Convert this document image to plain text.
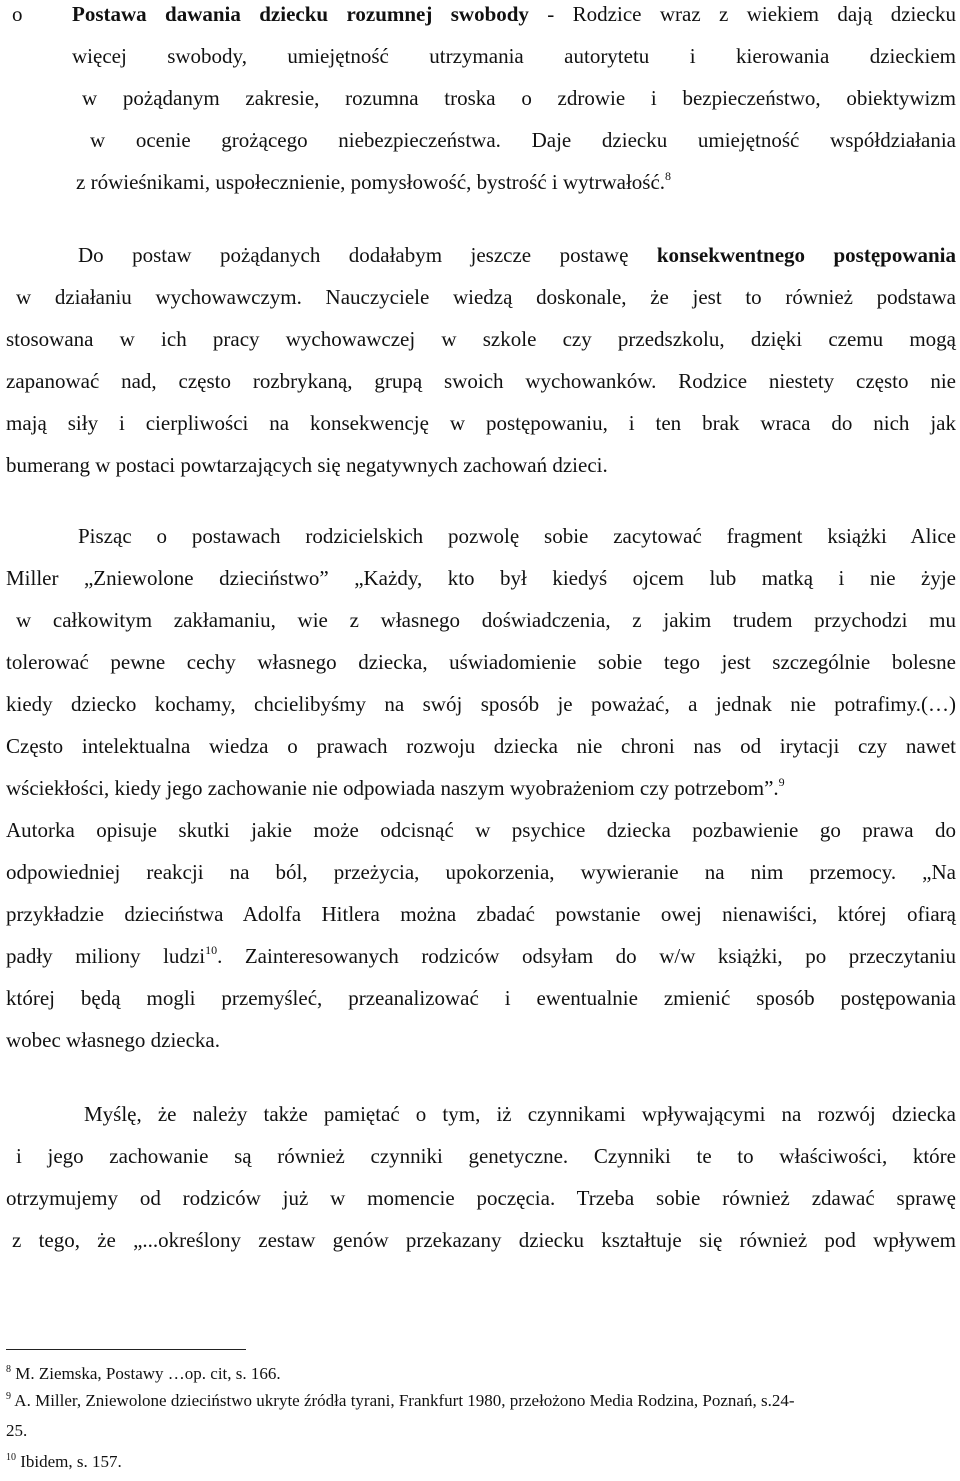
o	Postawa dawania dziecku rozumnej swobody - Rodzice wraz z wiekiem dają dziecku
więcej swobody, umiejętność utrzymania autorytetu i kierowania dzieckiem
w pożądanym zakresie, rozumna troska o zdrowie i bezpieczeństwo, obiektywizm
w ocenie grożącego niebezpieczeństwa. Daje dziecku umiejętność współdziałania
z rówieśnikami, uspołecznienie, pomysłowość, bystrość i wytrwałość.$^8$
Do postaw pożądanych dodałabym jeszcze postawę konsekwentnego postępowania
w działaniu wychowawczym. Nauczyciele wiedzą doskonale, że jest to również podstawa
stosowana w ich pracy wychowawczej w szkole czy przedszkolu, dzięki czemu mogą
zapanować nad, często rozbrykaną, grupą swoich wychowanków. Rodzice niestety często nie
mają siły i cierpliwości na konsekwencję w postępowaniu, i ten brak wraca do nich jak
bumerang w postaci powtarzających się negatywnych zachowań dzieci.
Pisząc o postawach rodzicielskich pozwolę sobie zacytować fragment książki Alice
Miller „Zniewolone dzieciństwo” „Każdy, kto był kiedyś ojcem lub matką i nie żyje
w całkowitym zakłamaniu, wie z własnego doświadczenia, z jakim trudem przychodzi mu
tolerować pewne cechy własnego dziecka, uświadomienie sobie tego jest szczególnie bolesne
kiedy dziecko kochamy, chcielibyśmy na swój sposób je poważać, a jednak nie potrafimy.(…)
Często intelektualna wiedza o prawach rozwoju dziecka nie chroni nas od irytacji czy nawet
wściekłości, kiedy jego zachowanie nie odpowiada naszym wyobrażeniom czy potrzebom”.$^9$
Autorka opisuje skutki jakie może odcisnąć w psychice dziecka pozbawienie go prawa do
odpowiedniej reakcji na ból, przeżycia, upokorzenia, wywieranie na nim przemocy. „Na
przykładzie dzieciństwa Adolfa Hitlera można zbadać powstanie owej nienawiści, której ofiarą
padły miliony ludzi$^{10}$. Zainteresowanych rodziców odsyłam do w/w książki, po przeczytaniu
której będą mogli przemyśleć, przeanalizować i ewentualnie zmienić sposób postępowania
wobec własnego dziecka.
Myślę, że należy także pamiętać o tym, iż czynnikami wpływającymi na rozwój dziecka
i jego zachowanie są również czynniki genetyczne. Czynniki te to właściwości, które
otrzymujemy od rodziców już w momencie poczęcia. Trzeba sobie również zdawać sprawę
z tego, że „...określony zestaw genów przekazany dziecku kształtuje się również pod wpływem
$^8$ M. Ziemska, Postawy …op. cit, s. 166.
$^9$ A. Miller, Zniewolone dzieciństwo ukryte źródła tyrani, Frankfurt 1980, przełożono Media Rodzina, Poznań, s.24-
25.
$^{10}$ Ibidem, s. 157.
